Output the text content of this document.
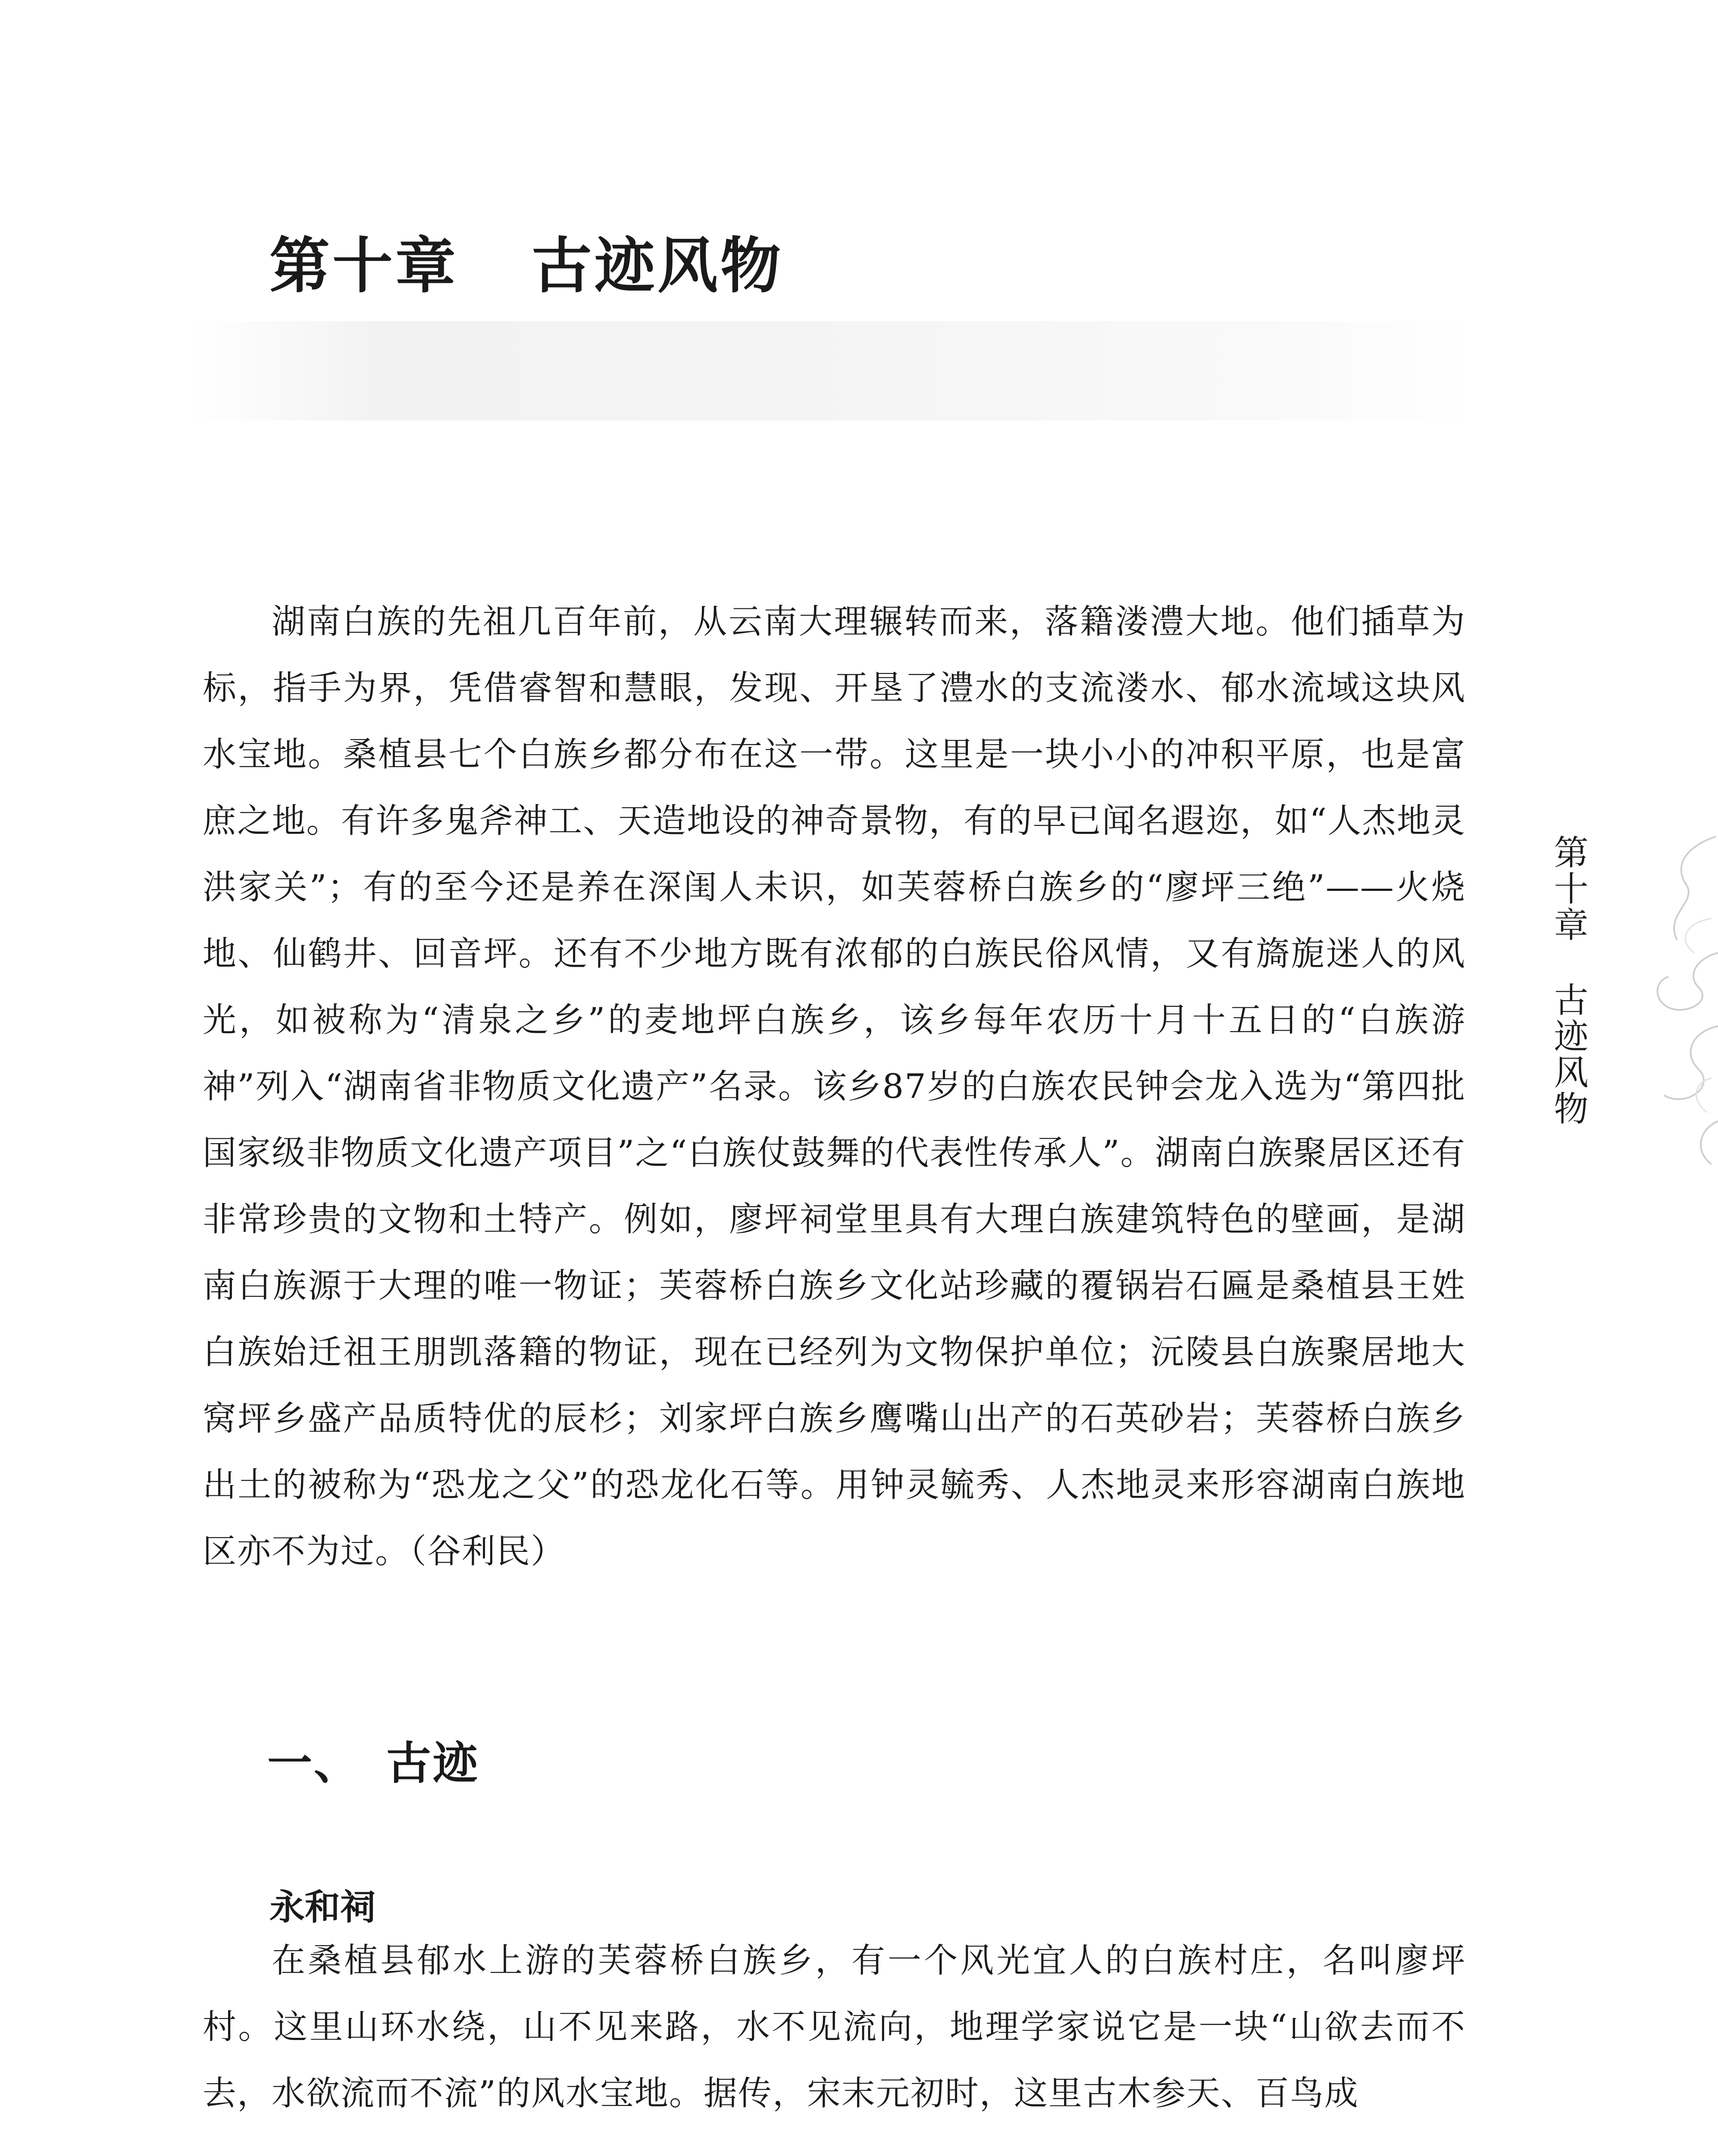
第十章 古迹风物

湖南白族的先祖几百年前，从云南大理辗转而来，落籍溇澧大地。他们插草为标，指手为界，凭借睿智和慧眼，发现、开垦了澧水的支流溇水、郁水流域这块风水宝地。桑植县七个白族乡都分布在这一带。这里是一块小小的冲积平原，也是富庶之地。有许多鬼斧神工、天造地设的神奇景物，有的早已闻名遐迩，如“人杰地灵洪家关”；有的至今还是养在深闺人未识，如芙蓉桥白族乡的“廖坪三绝”——火烧地、仙鹤井、回音坪。还有不少地方既有浓郁的白族民俗风情，又有旖旎迷人的风光，如被称为“清泉之乡”的麦地坪白族乡，该乡每年农历十月十五日的“白族游神”列入“湖南省非物质文化遗产”名录。该乡87岁的白族农民钟会龙入选为“第四批国家级非物质文化遗产项目”之“白族仗鼓舞的代表性传承人”。湖南白族聚居区还有非常珍贵的文物和土特产。例如，廖坪祠堂里具有大理白族建筑特色的壁画，是湖南白族源于大理的唯一物证；芙蓉桥白族乡文化站珍藏的覆锅岩石匾是桑植县王姓白族始迁祖王朋凯落籍的物证，现在已经列为文物保护单位；沅陵县白族聚居地大窝坪乡盛产品质特优的辰杉；刘家坪白族乡鹰嘴山出产的石英砂岩；芙蓉桥白族乡出土的被称为“恐龙之父”的恐龙化石等。用钟灵毓秀、人杰地灵来形容湖南白族地区亦不为过。（谷利民）

一、 古迹
永和祠

在桑植县郁水上游的芙蓉桥白族乡，有一个风光宜人的白族村庄，名叫廖坪村。这里山环水绕，山不见来路，水不见流向，地理学家说它是一块“山欲去而不去，水欲流而不流”的风水宝地。据传，宋末元初时，这里古木参天、百鸟成

第十章
古迹风物
